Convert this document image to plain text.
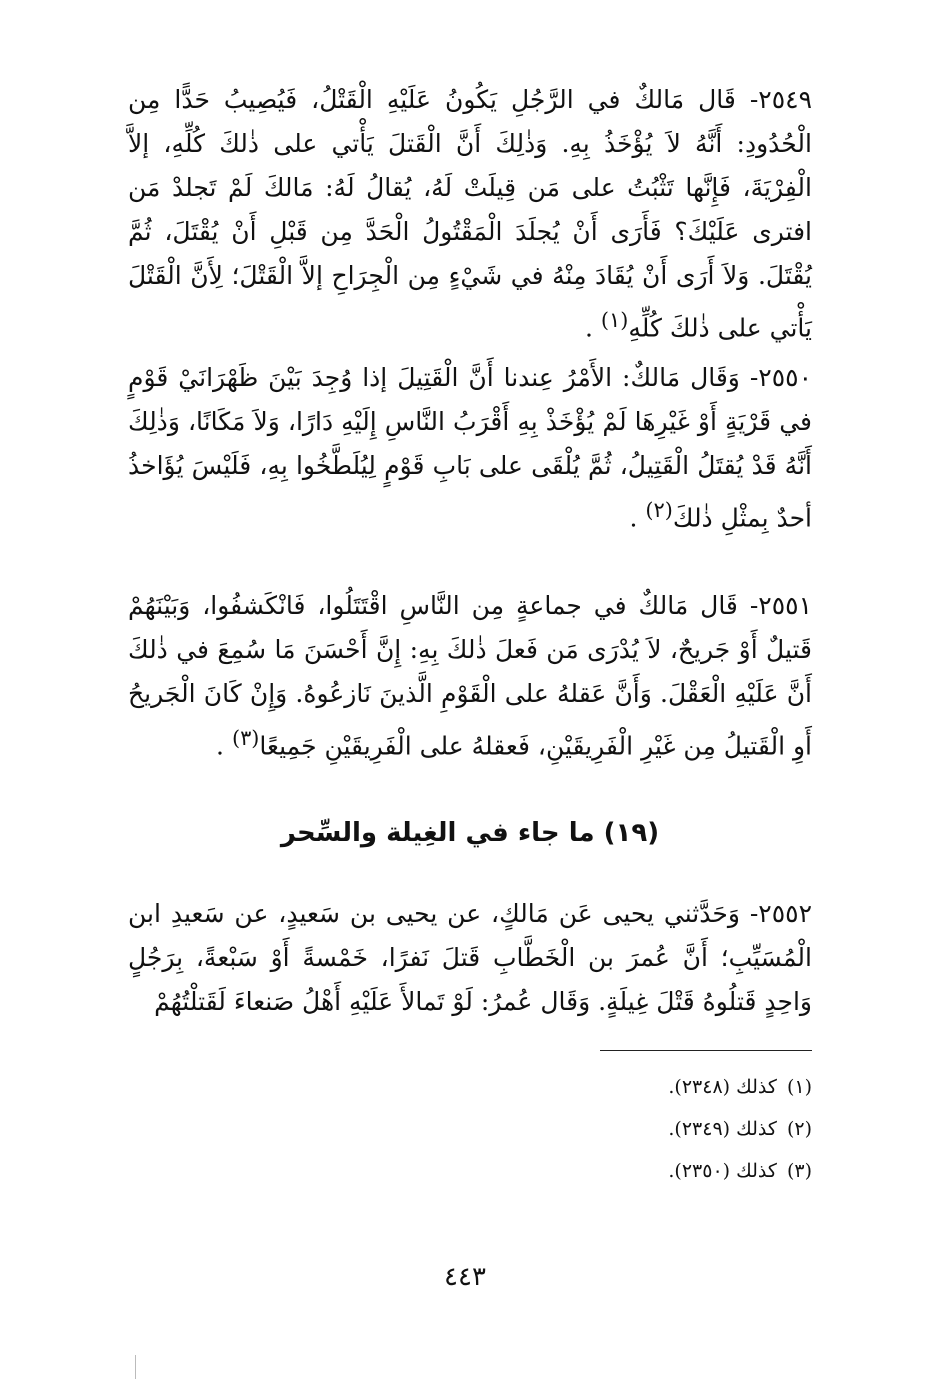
٢٥٤٩- قَال مَالكٌ في الرَّجُلِ يَكُونُ عَلَيْهِ الْقَتْلُ، فَيُصِيبُ حَدًّا مِن الْحُدُودِ: أَنَّهُ لاَ يُؤْخَذُ بِهِ. وَذٰلِكَ أَنَّ الْقَتلَ يَأْتي على ذٰلكَ كُلِّهِ، إلاَّ الْفِرْيَةَ، فَإِنَّها تَثْبُتُ على مَن قِيلَتْ لَهُ، يُقالُ لَهُ: مَالكَ لَمْ تَجلدْ مَن افترى عَلَيْكَ؟ فَأَرَى أَنْ يُجلَدَ الْمَقْتُولُ الْحَدَّ مِن قَبْلِ أَنْ يُقْتَلَ، ثُمَّ يُقْتَلَ. وَلاَ أَرَى أَنْ يُقَادَ مِنْهُ في شَيْءٍ مِن الْجِرَاحِ إلاَّ الْقَتْلَ؛ لِأَنَّ الْقَتْلَ يَأْتي على ذٰلكَ كُلِّهِ$^{(١)}$ .

٢٥٥٠- وَقَال مَالكٌ: الأَمْرُ عِندنا أَنَّ الْقَتِيلَ إذا وُجِدَ بَيْنَ ظَهْرَانَيْ قَوْمٍ في قَرْيَةٍ أَوْ غَيْرِهَا لَمْ يُؤْخَذْ بِهِ أَقْرَبُ النَّاسِ إِلَيْهِ دَارًا، وَلاَ مَكَانًا، وَذٰلِكَ أَنَّهُ قَدْ يُقتَلُ الْقَتِيلُ، ثُمَّ يُلْقَى على بَابِ قَوْمٍ لِيُلَطَّخُوا بِهِ، فَلَيْسَ يُؤَاخذُ أحدٌ بِمثْلِ ذٰلكَ$^{(٢)}$ .

٢٥٥١- قَال مَالكٌ في جماعةٍ مِن النَّاسِ اقْتَتَلُوا، فَانْكَشفُوا، وَبَيْنَهُمْ قَتيلٌ أَوْ جَريحٌ، لاَ يُدْرَى مَن فَعلَ ذٰلكَ بِهِ: إِنَّ أَحْسَنَ مَا سُمِعَ في ذٰلكَ أَنَّ عَلَيْهِ الْعَقْلَ. وَأَنَّ عَقلهُ على الْقَوْمِ الَّذينَ نَازعُوهُ. وَإِنْ كَانَ الْجَريحُ أَوِ الْقَتيلُ مِن غَيْرِ الْفَرِيقَيْنِ، فَعقلهُ على الْفَرِيقَيْنِ جَمِيعًا$^{(٣)}$ .

(١٩) ما جاء في الغِيلة والسِّحر

٢٥٥٢- وَحَدَّثني يحيى عَن مَالكٍ، عن يحيى بن سَعيدٍ، عن سَعيدِ ابن الْمُسَيِّبِ؛ أَنَّ عُمرَ بن الْخَطَّابِ قَتلَ نَفرًا، خَمْسةً أَوْ سَبْعةً، بِرَجُلٍ وَاحِدٍ قَتلُوهُ قَتْلَ غِيلَةٍ. وَقَال عُمرُ: لَوْ تَمالأَ عَلَيْهِ أَهْلُ صَنعاءَ لَقَتلْتُهُمْ

(١)كذلك (٢٣٤٨).
(٢)كذلك (٢٣٤٩).
(٣)كذلك (٢٣٥٠).

٤٤٣
